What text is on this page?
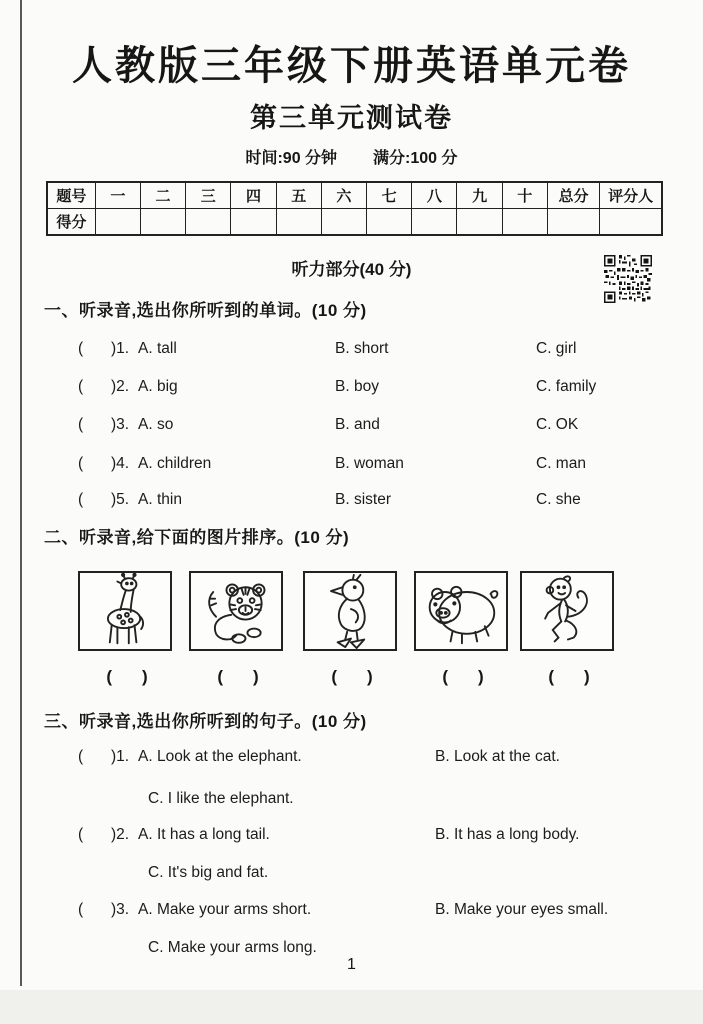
人教版三年级下册英语单元卷
第三单元测试卷
时间:90 分钟 满分:100 分
题号	一	二	三	四	五	六	七	八	九	十	总分	评分人
得分												
听力部分(40 分)
一、听录音,选出你所听到的单词。(10 分)
( )1. A. tall	B. short	C. girl
( )2. A. big	B. boy	C. family
( )3. A. so	B. and	C. OK
( )4. A. children	B. woman	C. man
( )5. A. thin	B. sister	C. she
二、听录音,给下面的图片排序。(10 分)
( )	( )	( )	( )	( )
三、听录音,选出你所听到的句子。(10 分)
( )1. A. Look at the elephant.	B. Look at the cat.
C. I like the elephant.
( )2. A. It has a long tail.	B. It has a long body.
C. It's big and fat.
( )3. A. Make your arms short.	B. Make your eyes small.
C. Make your arms long.
1
